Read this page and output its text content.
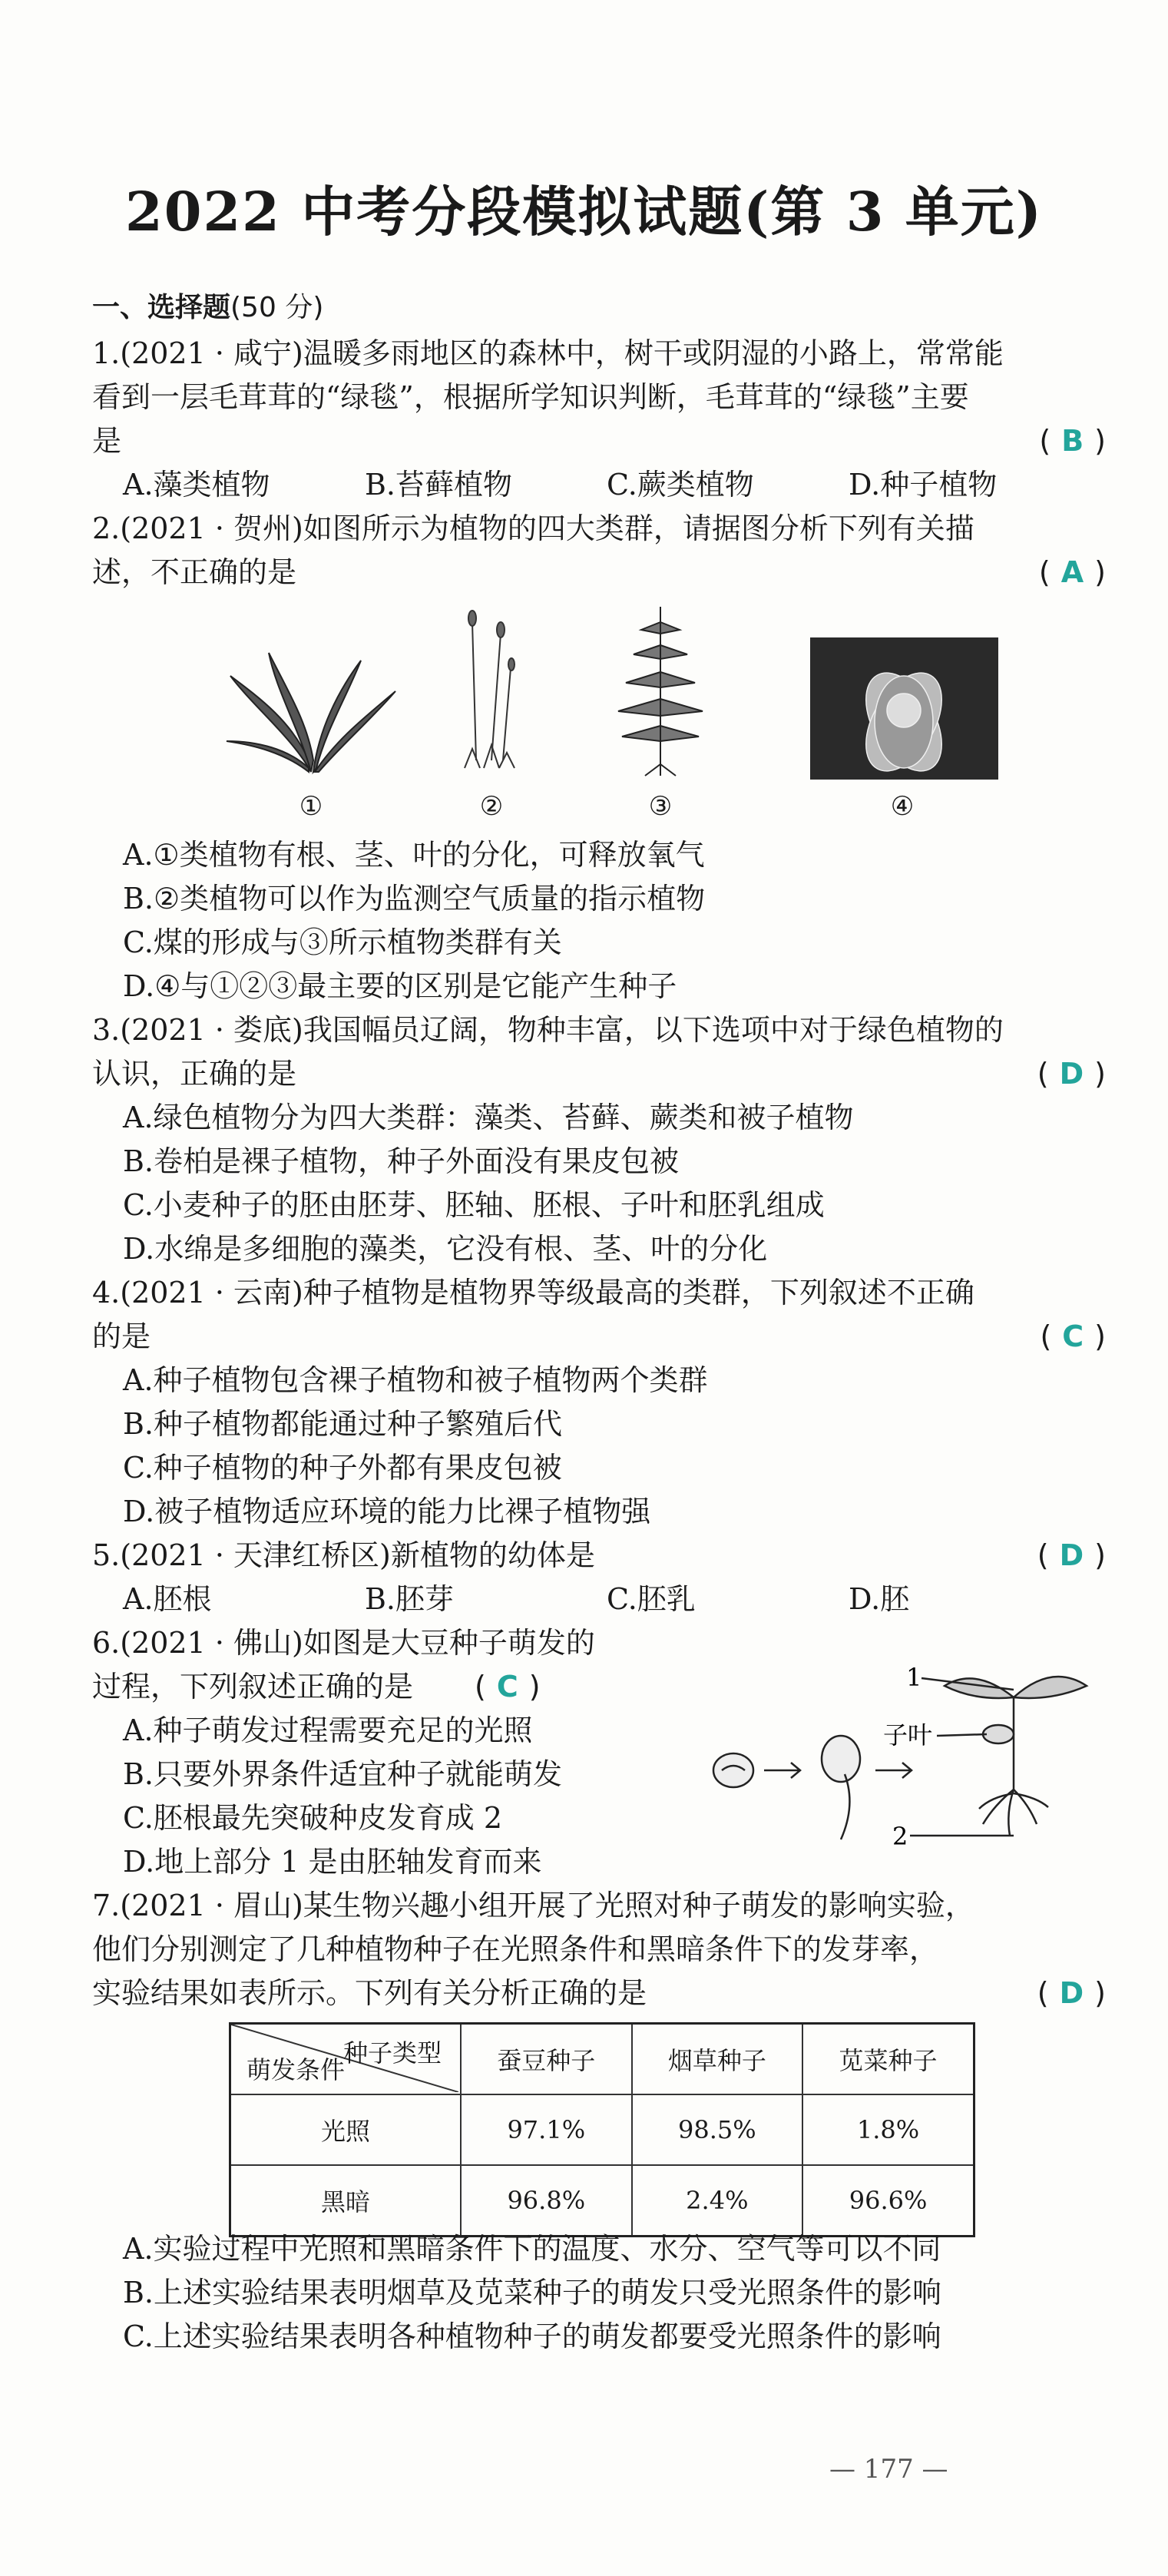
2022 中考分段模拟试题(第 3 单元)
一、选择题(50 分)
1.(2021 · 咸宁)温暖多雨地区的森林中，树干或阴湿的小路上，常常能
看到一层毛茸茸的“绿毯”，根据所学知识判断，毛茸茸的“绿毯”主要
是	( B )
A.藻类植物	B.苔藓植物	C.蕨类植物	D.种子植物
2.(2021 · 贺州)如图所示为植物的四大类群，请据图分析下列有关描
述，不正确的是	( A )
①	②	③	④
A.①类植物有根、茎、叶的分化，可释放氧气
B.②类植物可以作为监测空气质量的指示植物
C.煤的形成与③所示植物类群有关
D.④与①②③最主要的区别是它能产生种子
3.(2021 · 娄底)我国幅员辽阔，物种丰富，以下选项中对于绿色植物的
认识，正确的是	( D )
A.绿色植物分为四大类群：藻类、苔藓、蕨类和被子植物
B.卷柏是裸子植物，种子外面没有果皮包被
C.小麦种子的胚由胚芽、胚轴、胚根、子叶和胚乳组成
D.水绵是多细胞的藻类，它没有根、茎、叶的分化
4.(2021 · 云南)种子植物是植物界等级最高的类群，下列叙述不正确
的是	( C )
A.种子植物包含裸子植物和被子植物两个类群
B.种子植物都能通过种子繁殖后代
C.种子植物的种子外都有果皮包被
D.被子植物适应环境的能力比裸子植物强
5.(2021 · 天津红桥区)新植物的幼体是	( D )
A.胚根	B.胚芽	C.胚乳	D.胚
6.(2021 · 佛山)如图是大豆种子萌发的
过程，下列叙述正确的是 ( C )
A.种子萌发过程需要充足的光照
B.只要外界条件适宜种子就能萌发
C.胚根最先突破种皮发育成 2
D.地上部分 1 是由胚轴发育而来
1
子叶
2
7.(2021 · 眉山)某生物兴趣小组开展了光照对种子萌发的影响实验，
他们分别测定了几种植物种子在光照条件和黑暗条件下的发芽率，
实验结果如表所示。下列有关分析正确的是	( D )
种子类型
萌发条件	蚕豆种子	烟草种子	苋菜种子
光照	97.1%	98.5%	1.8%
黑暗	96.8%	2.4%	96.6%
A.实验过程中光照和黑暗条件下的温度、水分、空气等可以不同
B.上述实验结果表明烟草及苋菜种子的萌发只受光照条件的影响
C.上述实验结果表明各种植物种子的萌发都要受光照条件的影响
— 177 —
